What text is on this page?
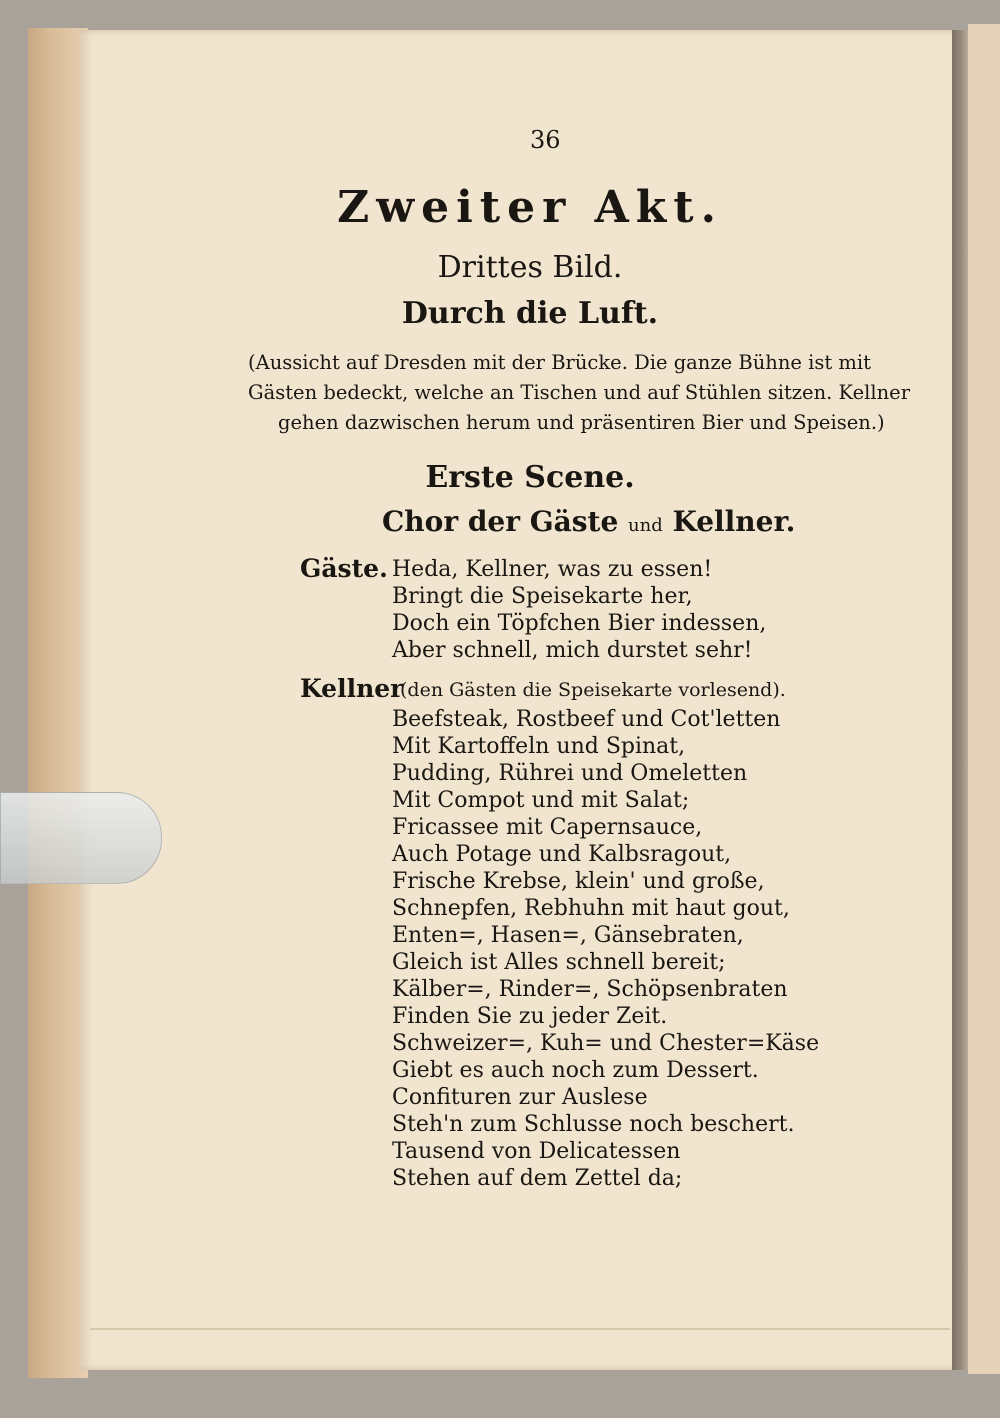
36
Zweiter Akt.
Drittes Bild.
Durch die Luft.
(Aussicht auf Dresden mit der Brücke. Die ganze Bühne ist mit
Gästen bedeckt, welche an Tischen und auf Stühlen sitzen. Kellner
gehen dazwischen herum und präsentiren Bier und Speisen.)
Erste Scene.
Chor der Gäste und Kellner.
Gäste. Heda, Kellner, was zu essen!
Bringt die Speisekarte her,
Doch ein Töpfchen Bier indessen,
Aber schnell, mich durstet sehr!
Kellner
(den Gästen die Speisekarte vorlesend).
Beefsteak, Rostbeef und Cot'letten
Mit Kartoffeln und Spinat,
Pudding, Rührei und Omeletten
Mit Compot und mit Salat;
Fricassee mit Capernsauce,
Auch Potage und Kalbsragout,
Frische Krebse, klein' und große,
Schnepfen, Rebhuhn mit haut gout,
Enten=, Hasen=, Gänsebraten,
Gleich ist Alles schnell bereit;
Kälber=, Rinder=, Schöpsenbraten
Finden Sie zu jeder Zeit.
Schweizer=, Kuh= und Chester=Käse
Giebt es auch noch zum Dessert.
Confituren zur Auslese
Steh'n zum Schlusse noch beschert.
Tausend von Delicatessen
Stehen auf dem Zettel da;
